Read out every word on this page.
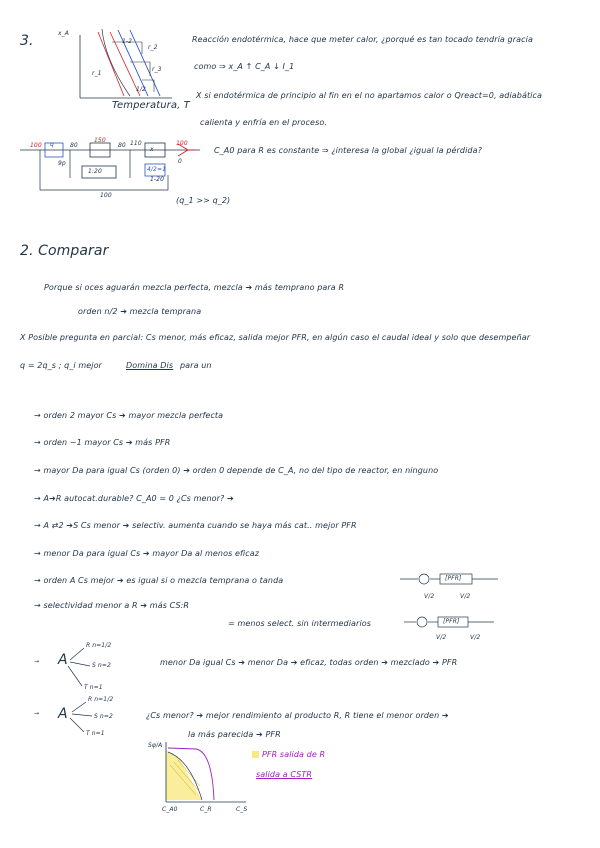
3.	x_A
Temperatura, T
1-2
r_2
r_3
r_1
1/2
Reacción endotérmica, hace que meter calor, ¿porqué es tan tocado tendría gracia
como ⇒ x_A ↑ C_A ↓ I_1
X si endotérmica de principio al fin en el no apartamos calor o Qreact=0, adiabática
calienta y enfría en el proceso.
100 q	80
150
80 110
x
4/2=1
100
0
1:20
1-20
100
9p
C_A0 para R es constante ⇒ ¿interesa la global ¿igual la pérdida?
(q_1 >> q_2)
2. Comparar
Porque si oces aguarán mezcla perfecta, mezcla ➔ más temprano para R
orden n/2 ➔ mezcla temprana
X Posible pregunta en parcial: Cs menor, más eficaz, salida mejor PFR, en algún caso el caudal ideal y solo que desempeñar
q = 2q_s ; q_i mejor	Domina Dis para un
→ orden 2 mayor Cs ➔ mayor mezcla perfecta
→ orden ~1 mayor Cs ➔ más PFR
→ mayor Da para igual Cs (orden 0) ➔ orden 0 depende de C_A, no del tipo de reactor, en ninguno
→ A➔R autocat.durable? C_A0 = 0 ¿Cs menor? ➔
→ A ⇄2 ➔S Cs menor ➔ selectiv. aumenta cuando se haya más cat.. mejor PFR
→ menor Da para igual Cs ➔ mayor Da al menos eficaz
→ orden A Cs mejor ➔ es igual si o mezcla temprana o tanda
→ selectividad menor a R ➔ más CS:R
= menos select. sin intermediarios
[PFR]
[PFR]
V/2	V/2
V/2	V/2
→ A
R n=1/2
S n=2
T n=1
menor Da igual Cs ➔ menor Da ➔ eficaz, todas orden ➔ mezclado ➔ PFR
→ A
R n=1/2
S n=2
T n=1
¿Cs menor? ➔ mejor rendimiento al producto R, R tiene el menor orden ➔
la más parecida ➔ PFR
Sφ/A
C_A0	C_R	C_S
PFR salida de R
salida a CSTR
